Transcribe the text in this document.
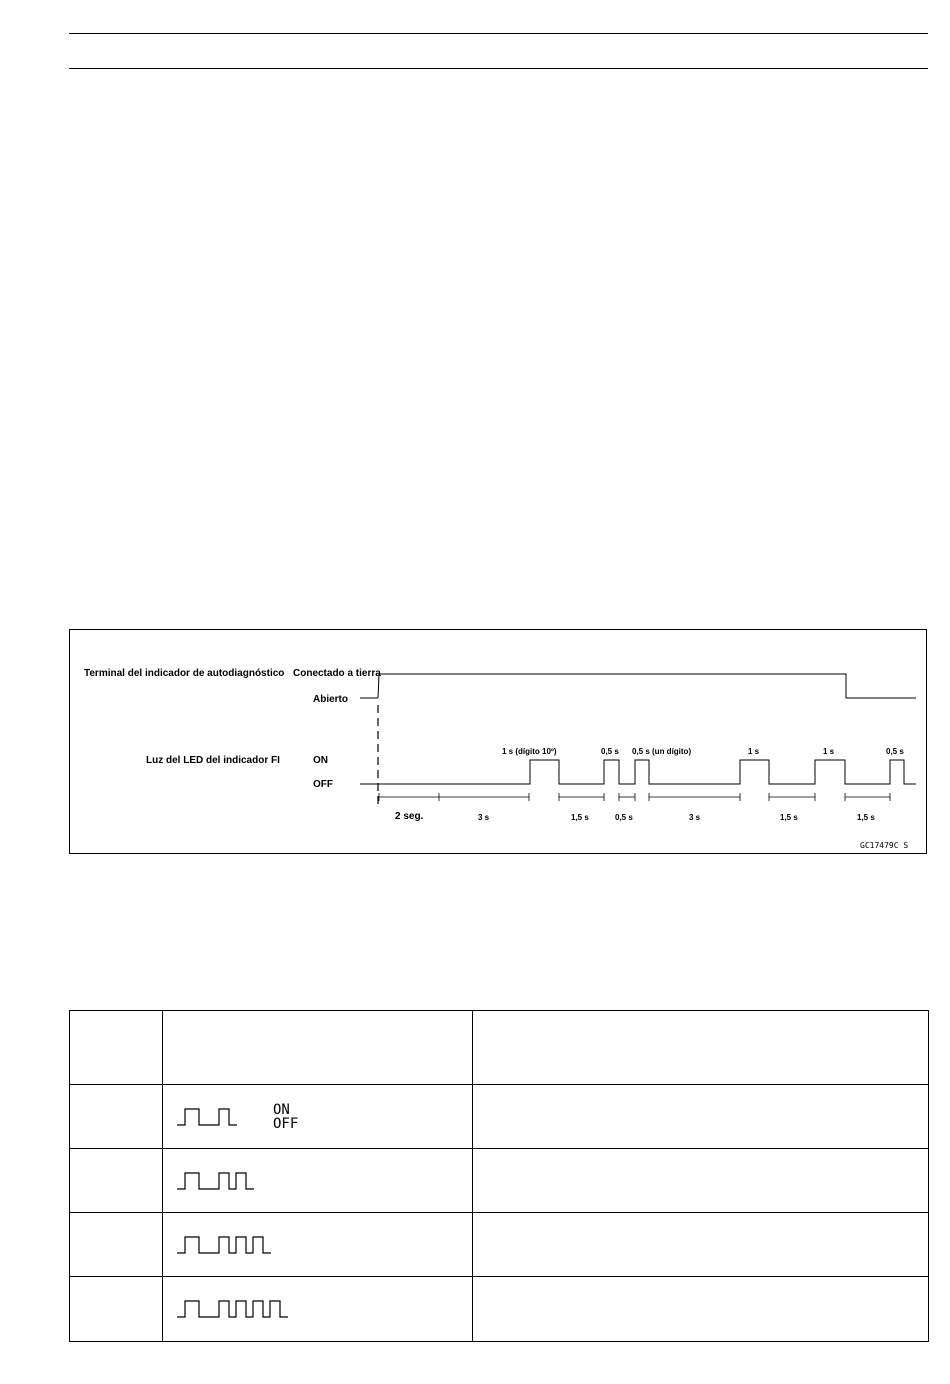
Terminal del indicador de autodiagnóstico Conectado a tierra
Abierto
Luz del LED del indicador FI	ON
OFF
1 s (dígito 10º)	0,5 s 0,5 s (un dígito)	1 s	1 s	0,5 s
2 seg.	3 s	1,5 s	0,5 s	3 s	1,5 s	1,5 s
GC17479C S

	ON
OFF	
